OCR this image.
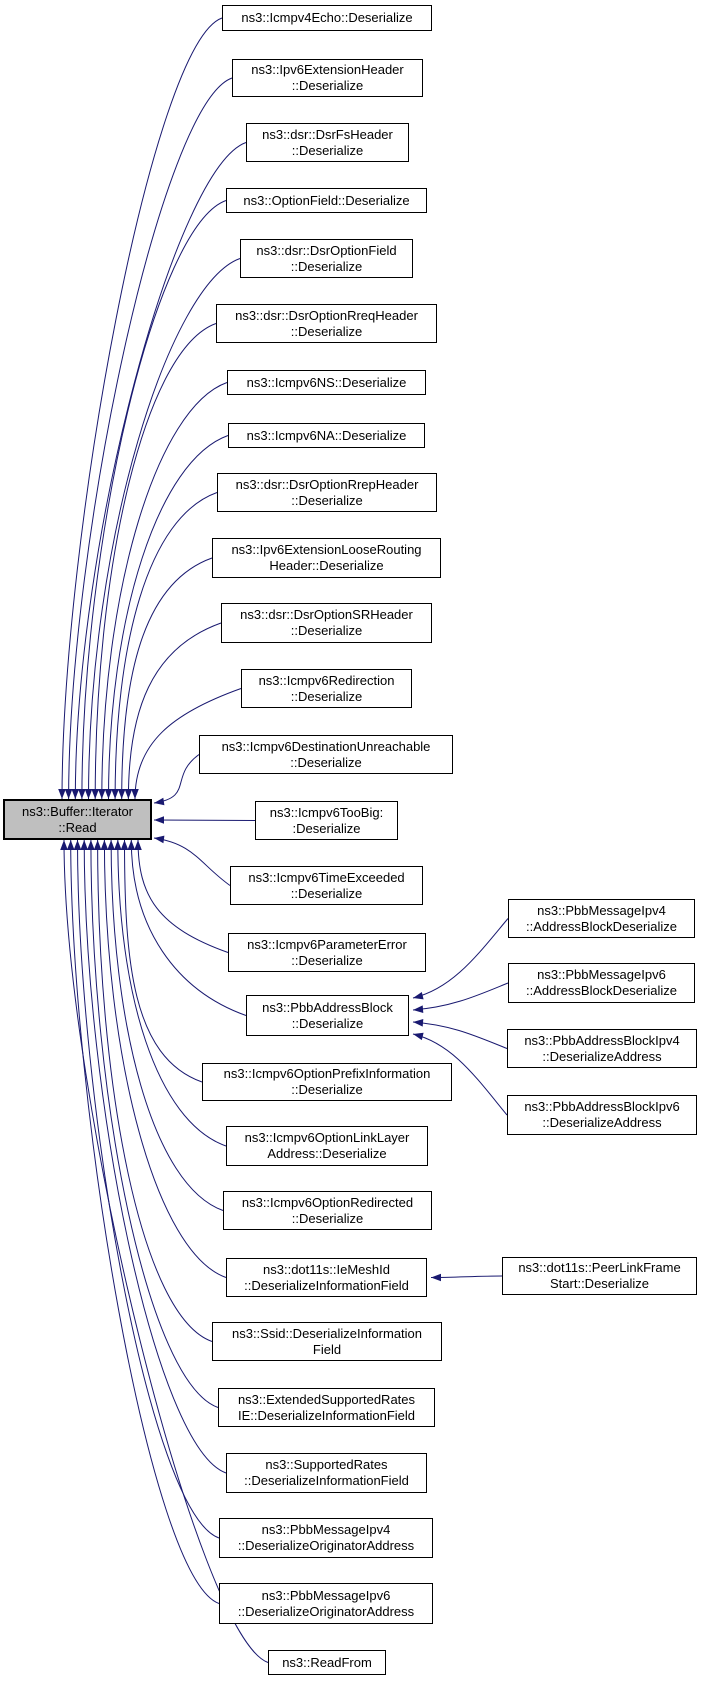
ns3::Buffer::Iterator
::Read
ns3::Icmpv4Echo::Deserialize
ns3::Ipv6ExtensionHeader
::Deserialize
ns3::dsr::DsrFsHeader
::Deserialize
ns3::OptionField::Deserialize
ns3::dsr::DsrOptionField
::Deserialize
ns3::dsr::DsrOptionRreqHeader
::Deserialize
ns3::Icmpv6NS::Deserialize
ns3::Icmpv6NA::Deserialize
ns3::dsr::DsrOptionRrepHeader
::Deserialize
ns3::Ipv6ExtensionLooseRouting
Header::Deserialize
ns3::dsr::DsrOptionSRHeader
::Deserialize
ns3::Icmpv6Redirection
::Deserialize
ns3::Icmpv6DestinationUnreachable
::Deserialize
ns3::Icmpv6TooBig:
:Deserialize
ns3::Icmpv6TimeExceeded
::Deserialize
ns3::Icmpv6ParameterError
::Deserialize
ns3::PbbAddressBlock
::Deserialize
ns3::Icmpv6OptionPrefixInformation
::Deserialize
ns3::Icmpv6OptionLinkLayer
Address::Deserialize
ns3::Icmpv6OptionRedirected
::Deserialize
ns3::dot11s::IeMeshId
::DeserializeInformationField
ns3::Ssid::DeserializeInformation
Field
ns3::ExtendedSupportedRates
IE::DeserializeInformationField
ns3::SupportedRates
::DeserializeInformationField
ns3::PbbMessageIpv4
::DeserializeOriginatorAddress
ns3::PbbMessageIpv6
::DeserializeOriginatorAddress
ns3::ReadFrom
ns3::PbbMessageIpv4
::AddressBlockDeserialize
ns3::PbbMessageIpv6
::AddressBlockDeserialize
ns3::PbbAddressBlockIpv4
::DeserializeAddress
ns3::PbbAddressBlockIpv6
::DeserializeAddress
ns3::dot11s::PeerLinkFrame
Start::Deserialize
